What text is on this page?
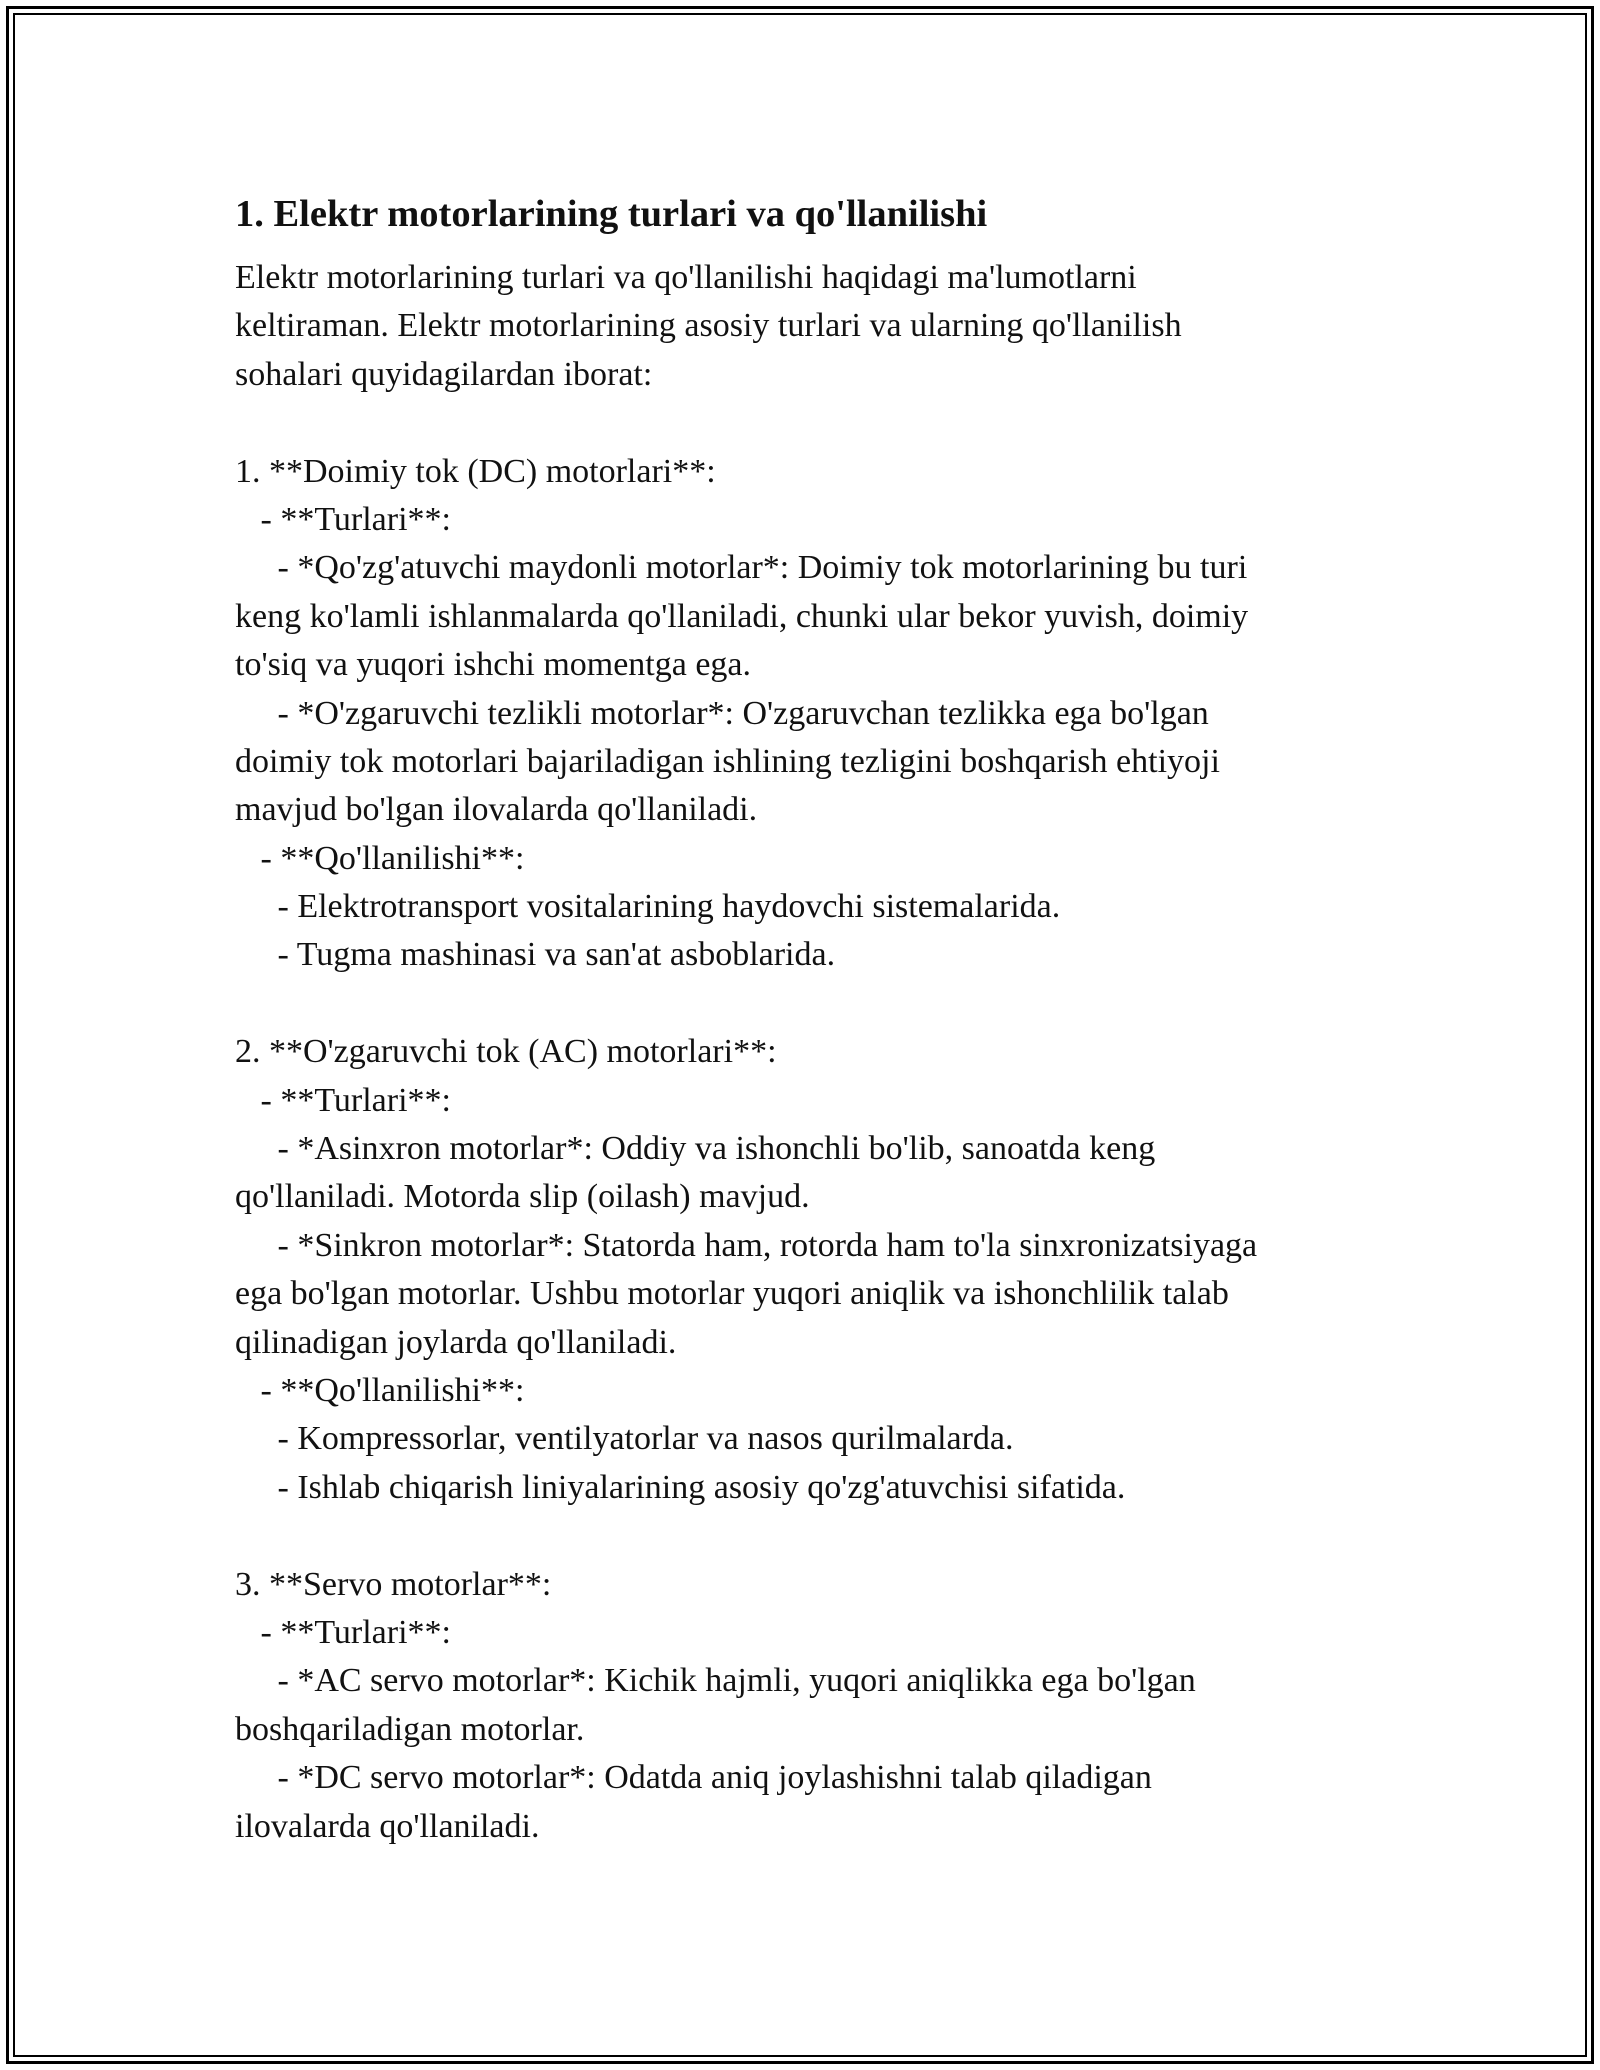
1. Elektr motorlarining turlari va qo'llanilishi
Elektr motorlarining turlari va qo'llanilishi haqidagi ma'lumotlarni
keltiraman. Elektr motorlarining asosiy turlari va ularning qo'llanilish
sohalari quyidagilardan iborat:
1. **Doimiy tok (DC) motorlari**:
- **Turlari**:
- *Qo'zg'atuvchi maydonli motorlar*: Doimiy tok motorlarining bu turi
keng ko'lamli ishlanmalarda qo'llaniladi, chunki ular bekor yuvish, doimiy
to'siq va yuqori ishchi momentga ega.
- *O'zgaruvchi tezlikli motorlar*: O'zgaruvchan tezlikka ega bo'lgan
doimiy tok motorlari bajariladigan ishlining tezligini boshqarish ehtiyoji
mavjud bo'lgan ilovalarda qo'llaniladi.
- **Qo'llanilishi**:
- Elektrotransport vositalarining haydovchi sistemalarida.
- Tugma mashinasi va san'at asboblarida.
2. **O'zgaruvchi tok (AC) motorlari**:
- **Turlari**:
- *Asinxron motorlar*: Oddiy va ishonchli bo'lib, sanoatda keng
qo'llaniladi. Motorda slip (oilash) mavjud.
- *Sinkron motorlar*: Statorda ham, rotorda ham to'la sinxronizatsiyaga
ega bo'lgan motorlar. Ushbu motorlar yuqori aniqlik va ishonchlilik talab
qilinadigan joylarda qo'llaniladi.
- **Qo'llanilishi**:
- Kompressorlar, ventilyatorlar va nasos qurilmalarda.
- Ishlab chiqarish liniyalarining asosiy qo'zg'atuvchisi sifatida.
3. **Servo motorlar**:
- **Turlari**:
- *AC servo motorlar*: Kichik hajmli, yuqori aniqlikka ega bo'lgan
boshqariladigan motorlar.
- *DC servo motorlar*: Odatda aniq joylashishni talab qiladigan
ilovalarda qo'llaniladi.
